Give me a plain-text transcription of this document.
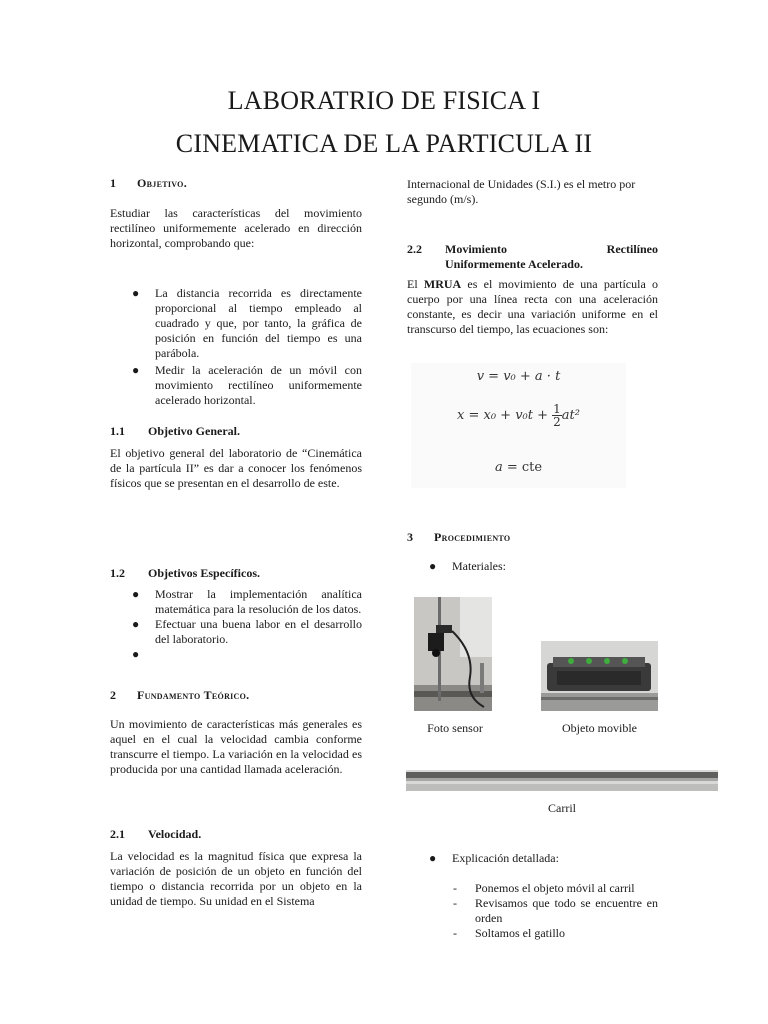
LABORATRIO DE FISICA I
CINEMATICA DE LA PARTICULA II
1 Objetivo.
Estudiar las características del movimiento rectilíneo uniformemente acelerado en dirección horizontal, comprobando que:
● La distancia recorrida es directamente proporcional al tiempo empleado al cuadrado y que, por tanto, la gráfica de posición en función del tiempo es una parábola.
● Medir la aceleración de un móvil con movimiento rectilíneo uniformemente acelerado horizontal.
1.1 Objetivo General.
El objetivo general del laboratorio de “Cinemática de la partícula II” es dar a conocer los fenómenos físicos que se presentan en el desarrollo de este.
1.2 Objetivos Específicos.
● Mostrar la implementación analítica matemática para la resolución de los datos.
● Efectuar una buena labor en el desarrollo del laboratorio.
●
2 Fundamento Teórico.
Un movimiento de características más generales es aquel en el cual la velocidad cambia conforme transcurre el tiempo. La variación en la velocidad es producida por una cantidad llamada aceleración.
2.1 Velocidad.
La velocidad es la magnitud física que expresa la variación de posición de un objeto en función del tiempo o distancia recorrida por un objeto en la unidad de tiempo. Su unidad en el Sistema
Internacional de Unidades (S.I.) es el metro por segundo (m/s).
2.2	Movimiento	Rectilíneo
Uniformemente Acelerado.
El MRUA es el movimiento de una partícula o cuerpo por una línea recta con una aceleración constante, es decir una variación uniforme en el transcurso del tiempo, las ecuaciones son:
v = v₀ + a · t
$x = x_0 + v_0t + \frac{1}{2} at^2$
a = cte
3 Procedimiento
● Materiales:
Foto sensor	Objeto movible
Carril
● Explicación detallada:
- Ponemos el objeto móvil al carril
- Revisamos que todo se encuentre en orden
- Soltamos el gatillo
